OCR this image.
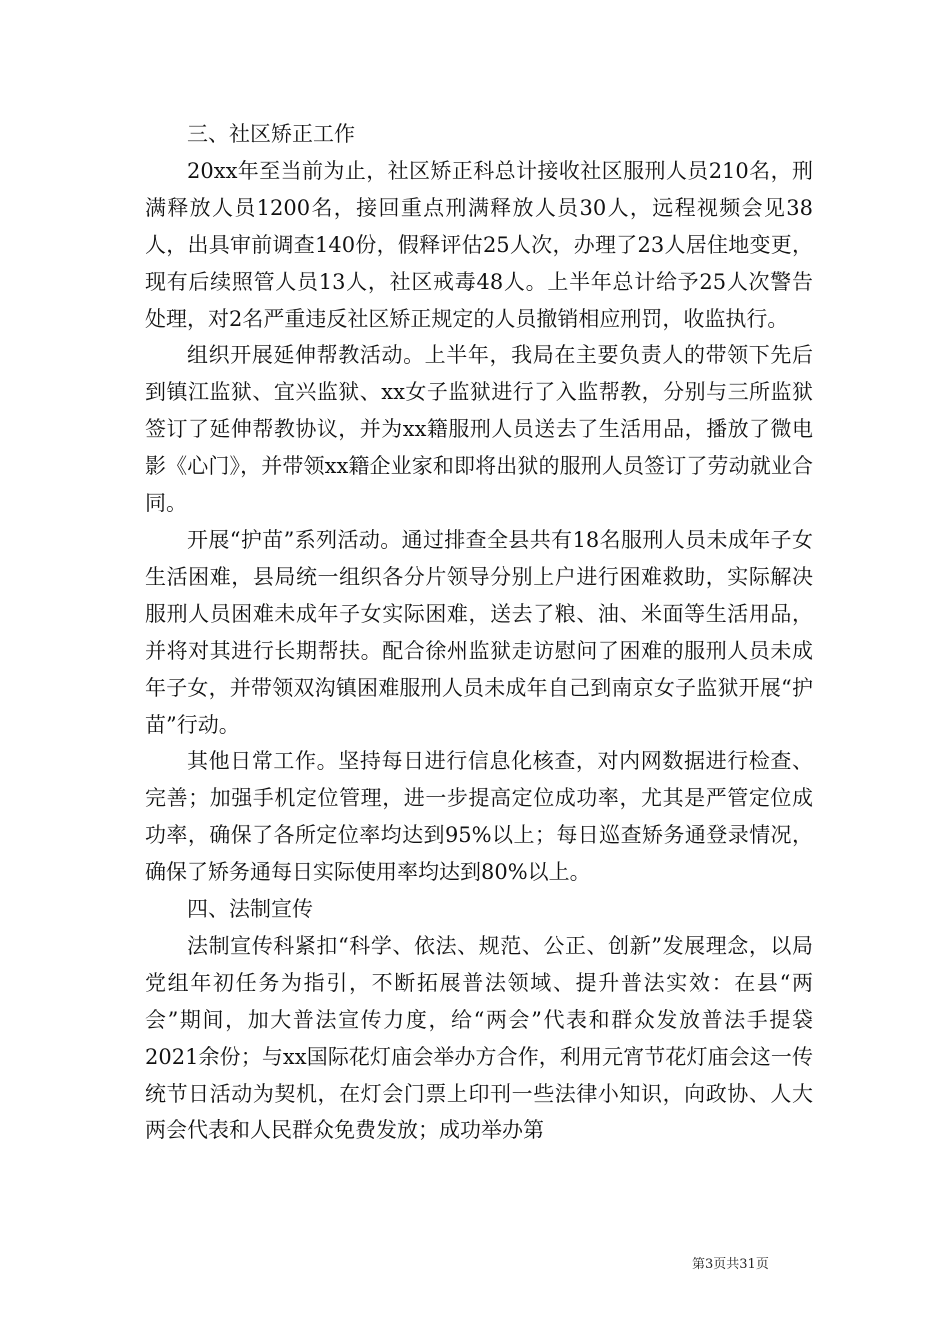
三、社区矫正工作

20xx年至当前为止，社区矫正科总计接收社区服刑人员210名，刑满释放人员1200名，接回重点刑满释放人员30人，远程视频会见38人，出具审前调查140份，假释评估25人次，办理了23人居住地变更，现有后续照管人员13人，社区戒毒48人。上半年总计给予25人次警告处理，对2名严重违反社区矫正规定的人员撤销相应刑罚，收监执行。

组织开展延伸帮教活动。上半年，我局在主要负责人的带领下先后到镇江监狱、宜兴监狱、xx女子监狱进行了入监帮教，分别与三所监狱签订了延伸帮教协议，并为xx籍服刑人员送去了生活用品，播放了微电影《心门》，并带领xx籍企业家和即将出狱的服刑人员签订了劳动就业合同。

开展“护苗”系列活动。通过排查全县共有18名服刑人员未成年子女生活困难，县局统一组织各分片领导分别上户进行困难救助，实际解决服刑人员困难未成年子女实际困难，送去了粮、油、米面等生活用品，并将对其进行长期帮扶。配合徐州监狱走访慰问了困难的服刑人员未成年子女，并带领双沟镇困难服刑人员未成年自己到南京女子监狱开展“护苗”行动。

其他日常工作。坚持每日进行信息化核查，对内网数据进行检查、完善；加强手机定位管理，进一步提高定位成功率，尤其是严管定位成功率，确保了各所定位率均达到95%以上；每日巡查矫务通登录情况，确保了矫务通每日实际使用率均达到80%以上。

四、法制宣传

法制宣传科紧扣“科学、依法、规范、公正、创新”发展理念，以局党组年初任务为指引，不断拓展普法领域、提升普法实效：在县“两会”期间，加大普法宣传力度，给“两会”代表和群众发放普法手提袋2021余份；与xx国际花灯庙会举办方合作，利用元宵节花灯庙会这一传统节日活动为契机，在灯会门票上印刊一些法律小知识，向政协、人大两会代表和人民群众免费发放；成功举办第

第3页共31页
